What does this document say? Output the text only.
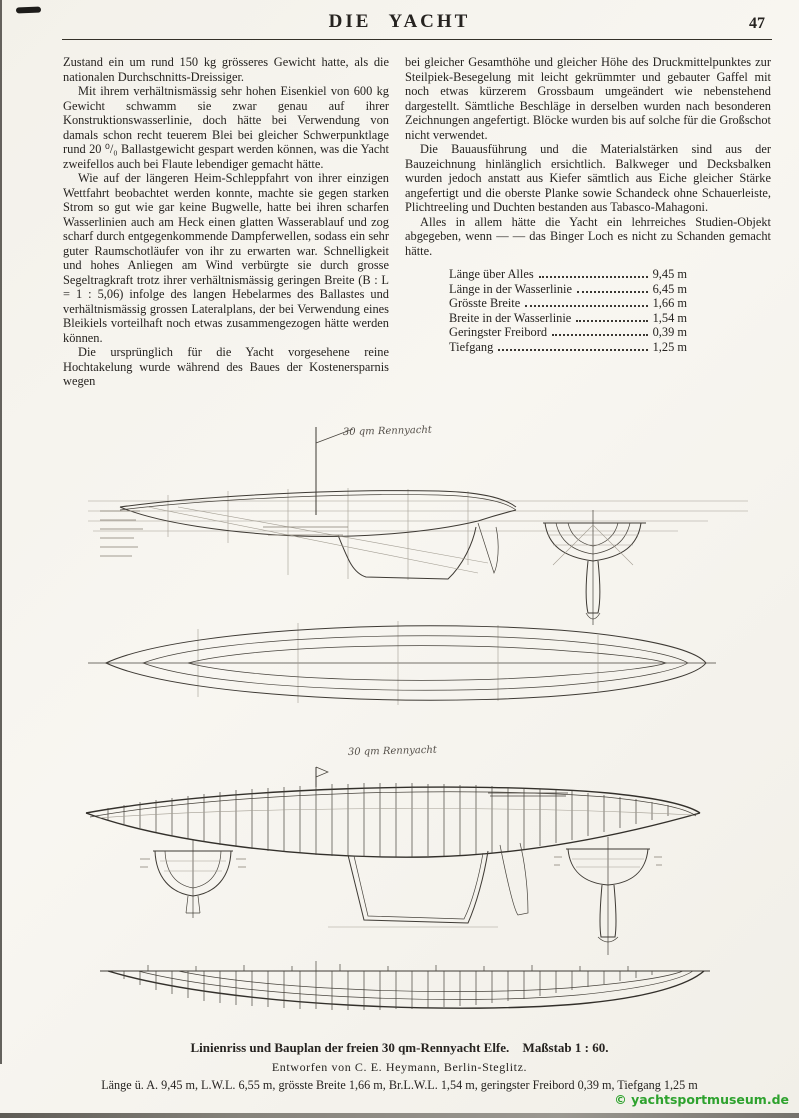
DIE YACHT	47

Zustand ein um rund 150 kg grösseres Gewicht hatte, als die nationalen Durchschnitts-Dreissiger.

Mit ihrem verhältnismässig sehr hohen Eisenkiel von 600 kg Gewicht schwamm sie zwar genau auf ihrer Konstruktionswasserlinie, doch hätte bei Verwendung von damals schon recht teuerem Blei bei gleicher Schwerpunktlage rund 20 ⁰/₀ Ballastgewicht gespart werden können, was die Yacht zweifellos auch bei Flaute lebendiger gemacht hätte.

Wie auf der längeren Heim-Schleppfahrt von ihrer einzigen Wettfahrt beobachtet werden konnte, machte sie gegen starken Strom so gut wie gar keine Bugwelle, hatte bei ihren scharfen Wasserlinien auch am Heck einen glatten Wasserablauf und zog scharf durch entgegenkommende Dampferwellen, sodass ein sehr guter Raumschotläufer von ihr zu erwarten war. Schnelligkeit und hohes Anliegen am Wind verbürgte sie durch grosse Segeltragkraft trotz ihrer verhältnismässig geringen Breite (B : L = 1 : 5,06) infolge des langen Hebelarmes des Ballastes und verhältnismässig grossen Lateralplans, der bei Verwendung eines Bleikiels vorteilhaft noch etwas zusammengezogen hätte werden können.

Die ursprünglich für die Yacht vorgesehene reine Hochtakelung wurde während des Baues der Kostenersparnis wegen

bei gleicher Gesamthöhe und gleicher Höhe des Druckmittelpunktes zur Steilpiek-Besegelung mit leicht gekrümmter und gebauter Gaffel mit noch etwas kürzerem Grossbaum umgeändert wie nebenstehend dargestellt. Sämtliche Beschläge in derselben wurden nach besonderen Zeichnungen angefertigt. Blöcke wurden bis auf solche für die Großschot nicht verwendet.

Die Bauausführung und die Materialstärken sind aus der Bauzeichnung hinlänglich ersichtlich. Balkweger und Decksbalken wurden jedoch anstatt aus Kiefer sämtlich aus Eiche gleicher Stärke angefertigt und die oberste Planke sowie Schandeck ohne Schauerleiste, Plichtreeling und Duchten bestanden aus Tabasco-Mahagoni.

Alles in allem hätte die Yacht ein lehrreiches Studien-Objekt abgegeben, wenn — — das Binger Loch es nicht zu Schanden gemacht hätte.

Länge über Alles	9,45 m
Länge in der Wasserlinie	6,45 m
Grösste Breite	1,66 m
Breite in der Wasserlinie	1,54 m
Geringster Freibord	0,39 m
Tiefgang	1,25 m
30 qm Rennyacht
30 qm Rennyacht
Linienriss und Bauplan der freien 30 qm-Rennyacht Elfe. Maßstab 1 : 60.
Entworfen von C. E. Heymann, Berlin-Steglitz.
Länge ü. A. 9,45 m, L.W.L. 6,55 m, grösste Breite 1,66 m, Br.L.W.L. 1,54 m, geringster Freibord 0,39 m, Tiefgang 1,25 m
© yachtsportmuseum.de
